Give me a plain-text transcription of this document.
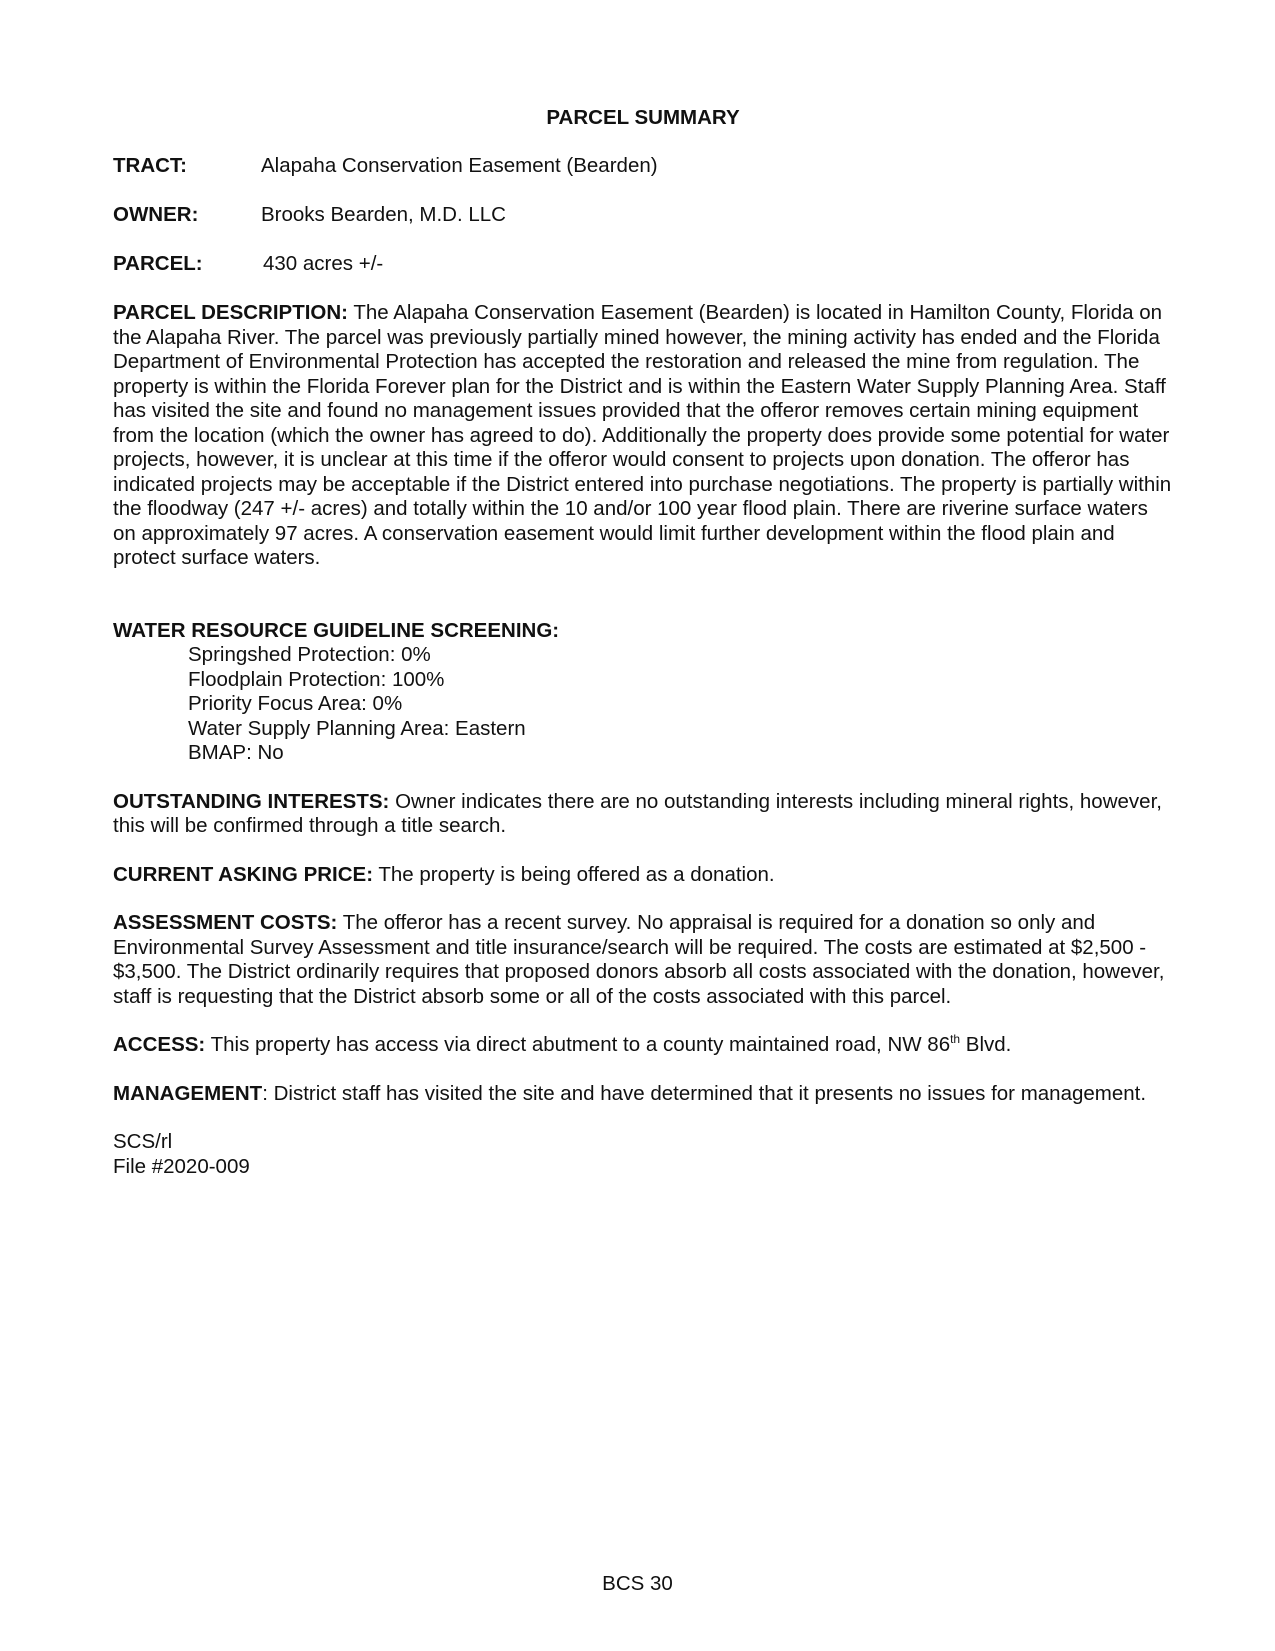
PARCEL SUMMARY
TRACT:	Alapaha Conservation Easement (Bearden)
OWNER:	Brooks Bearden, M.D. LLC
PARCEL:	430 acres +/-

PARCEL DESCRIPTION: The Alapaha Conservation Easement (Bearden) is located in Hamilton County, Florida on the Alapaha River. The parcel was previously partially mined however, the mining activity has ended and the Florida Department of Environmental Protection has accepted the restoration and released the mine from regulation. The property is within the Florida Forever plan for the District and is within the Eastern Water Supply Planning Area. Staff has visited the site and found no management issues provided that the offeror removes certain mining equipment from the location (which the owner has agreed to do). Additionally the property does provide some potential for water projects, however, it is unclear at this time if the offeror would consent to projects upon donation. The offeror has indicated projects may be acceptable if the District entered into purchase negotiations. The property is partially within the floodway (247 +/- acres) and totally within the 10 and/or 100 year flood plain. There are riverine surface waters on approximately 97 acres. A conservation easement would limit further development within the flood plain and protect surface waters.

WATER RESOURCE GUIDELINE SCREENING:
Springshed Protection: 0%
Floodplain Protection: 100%
Priority Focus Area: 0%
Water Supply Planning Area: Eastern
BMAP: No

OUTSTANDING INTERESTS: Owner indicates there are no outstanding interests including mineral rights, however, this will be confirmed through a title search.

CURRENT ASKING PRICE: The property is being offered as a donation.

ASSESSMENT COSTS: The offeror has a recent survey. No appraisal is required for a donation so only and Environmental Survey Assessment and title insurance/search will be required. The costs are estimated at $2,500 - $3,500. The District ordinarily requires that proposed donors absorb all costs associated with the donation, however, staff is requesting that the District absorb some or all of the costs associated with this parcel.

ACCESS: This property has access via direct abutment to a county maintained road, NW 86th Blvd.

MANAGEMENT: District staff has visited the site and have determined that it presents no issues for management.

SCS/rl

File #2020-009

BCS 30
